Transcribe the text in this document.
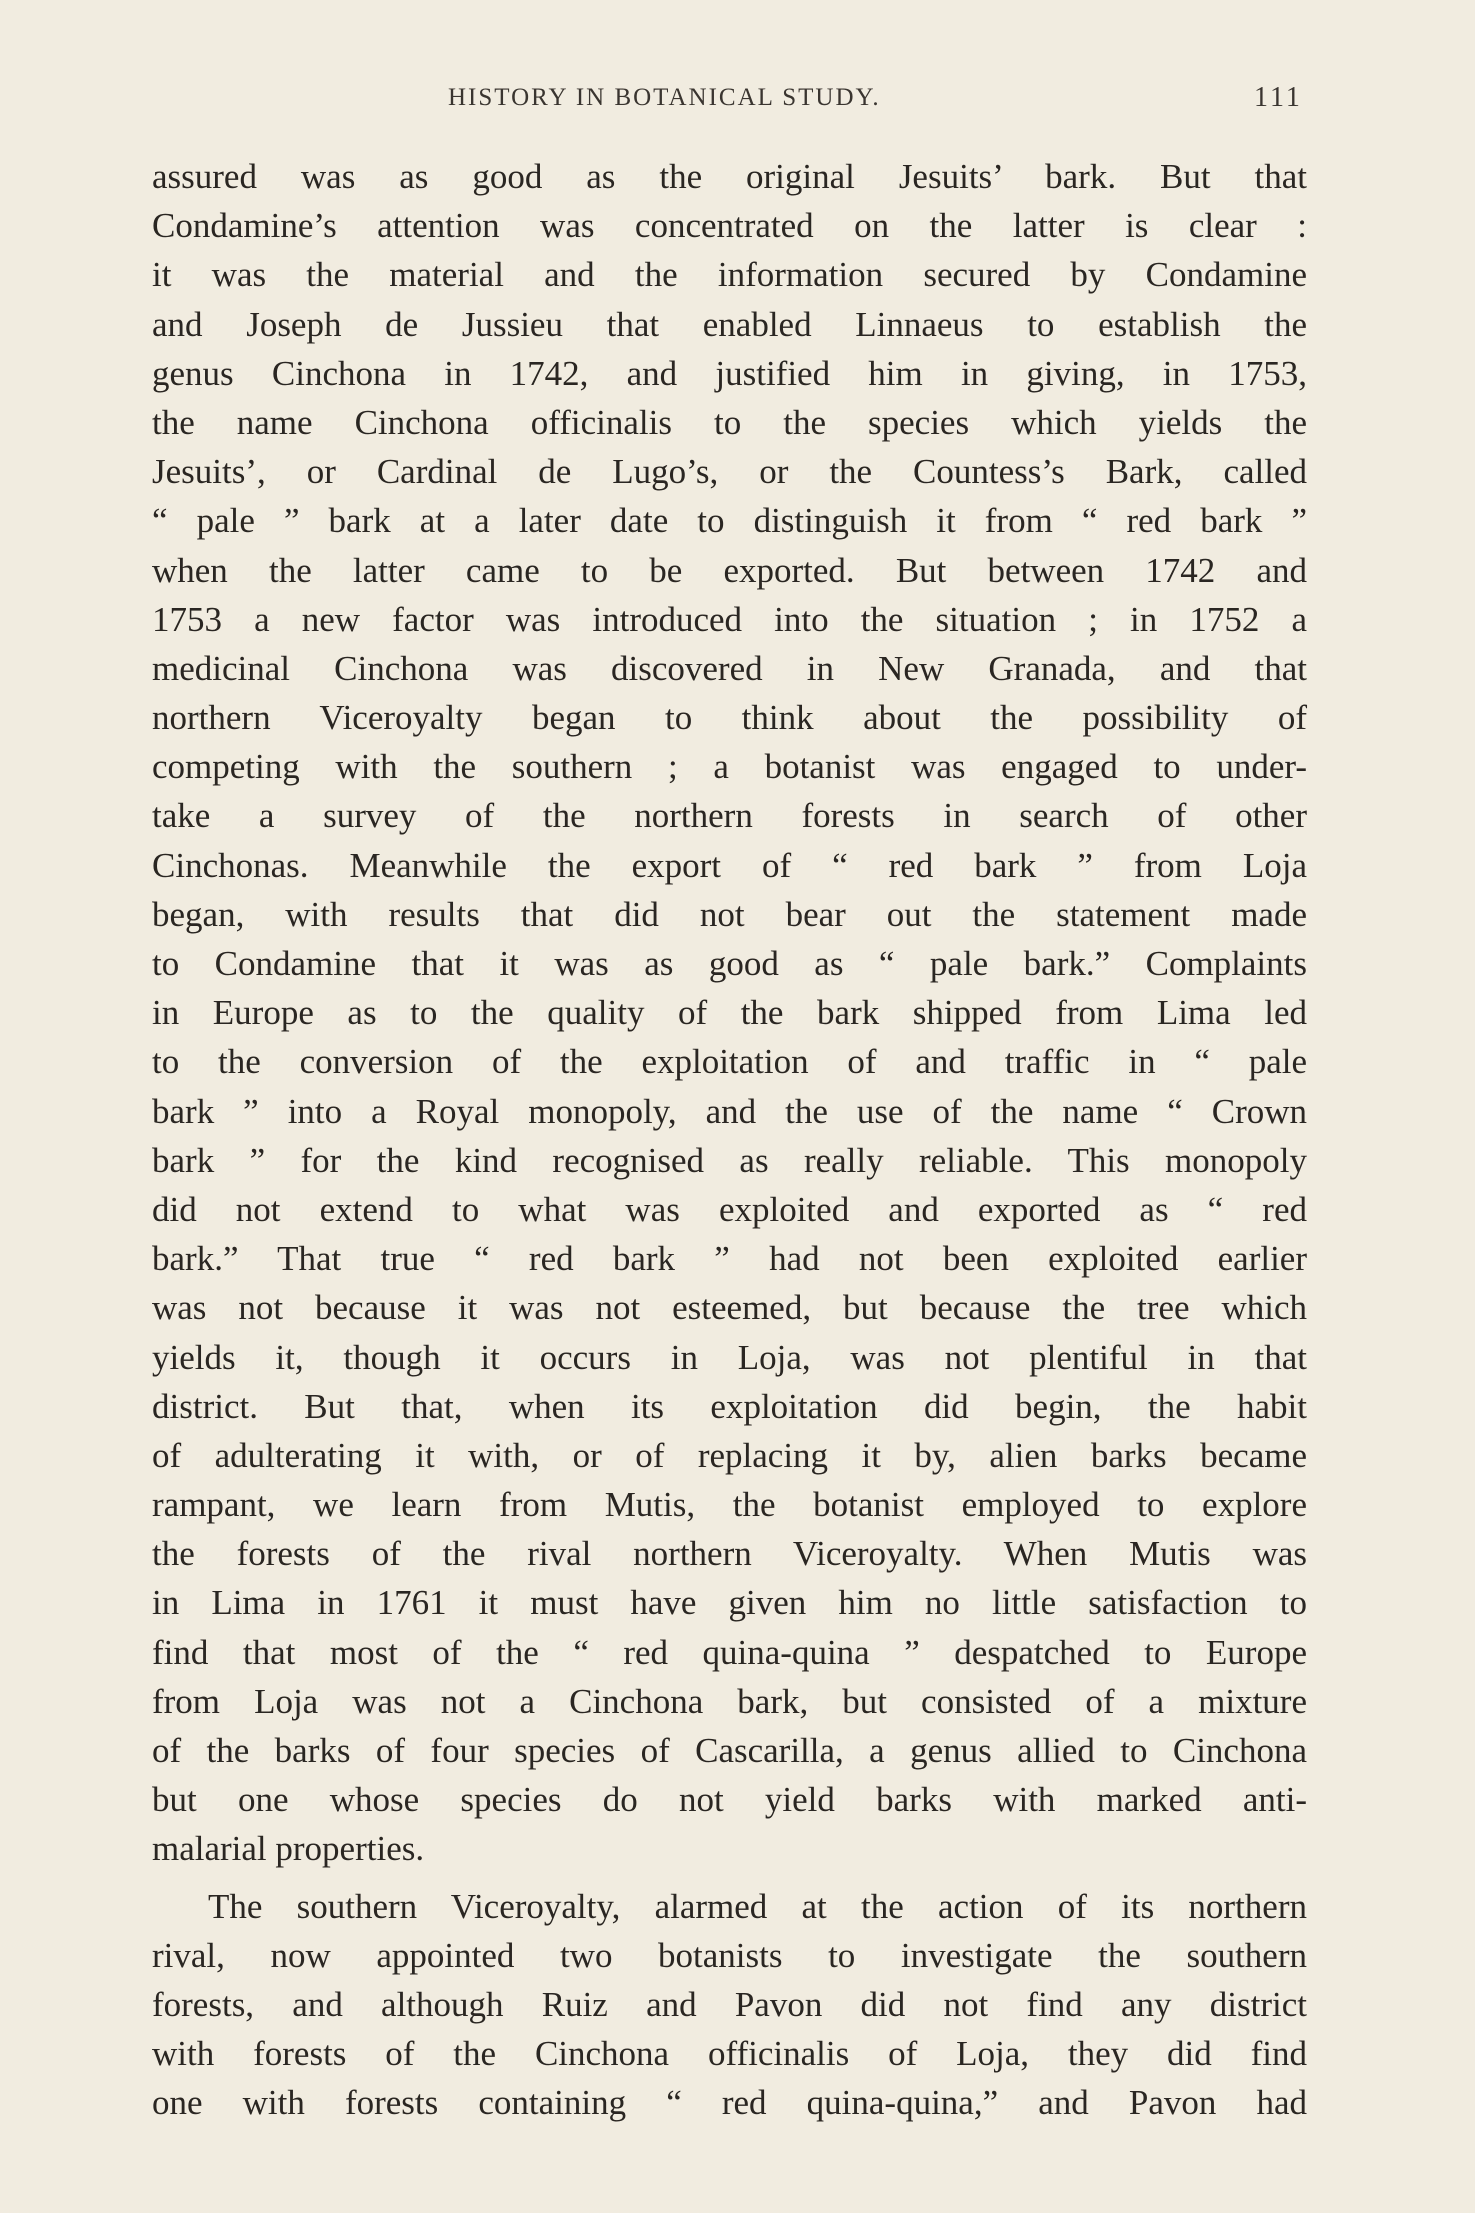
HISTORY IN BOTANICAL STUDY.	111
assured was as good as the original Jesuits’ bark. But that
Condamine’s attention was concentrated on the latter is clear :
it was the material and the information secured by Condamine
and Joseph de Jussieu that enabled Linnaeus to establish the
genus Cinchona in 1742, and justified him in giving, in 1753,
the name Cinchona officinalis to the species which yields the
Jesuits’, or Cardinal de Lugo’s, or the Countess’s Bark, called
“ pale ” bark at a later date to distinguish it from “ red bark ”
when the latter came to be exported. But between 1742 and
1753 a new factor was introduced into the situation ; in 1752 a
medicinal Cinchona was discovered in New Granada, and that
northern Viceroyalty began to think about the possibility of
competing with the southern ; a botanist was engaged to under-
take a survey of the northern forests in search of other
Cinchonas. Meanwhile the export of “ red bark ” from Loja
began, with results that did not bear out the statement made
to Condamine that it was as good as “ pale bark.” Complaints
in Europe as to the quality of the bark shipped from Lima led
to the conversion of the exploitation of and traffic in “ pale
bark ” into a Royal monopoly, and the use of the name “ Crown
bark ” for the kind recognised as really reliable. This monopoly
did not extend to what was exploited and exported as “ red
bark.” That true “ red bark ” had not been exploited earlier
was not because it was not esteemed, but because the tree which
yields it, though it occurs in Loja, was not plentiful in that
district. But that, when its exploitation did begin, the habit
of adulterating it with, or of replacing it by, alien barks became
rampant, we learn from Mutis, the botanist employed to explore
the forests of the rival northern Viceroyalty. When Mutis was
in Lima in 1761 it must have given him no little satisfaction to
find that most of the “ red quina-quina ” despatched to Europe
from Loja was not a Cinchona bark, but consisted of a mixture
of the barks of four species of Cascarilla, a genus allied to Cinchona
but one whose species do not yield barks with marked anti-
malarial properties.
The southern Viceroyalty, alarmed at the action of its northern
rival, now appointed two botanists to investigate the southern
forests, and although Ruiz and Pavon did not find any district
with forests of the Cinchona officinalis of Loja, they did find
one with forests containing “ red quina-quina,” and Pavon had
